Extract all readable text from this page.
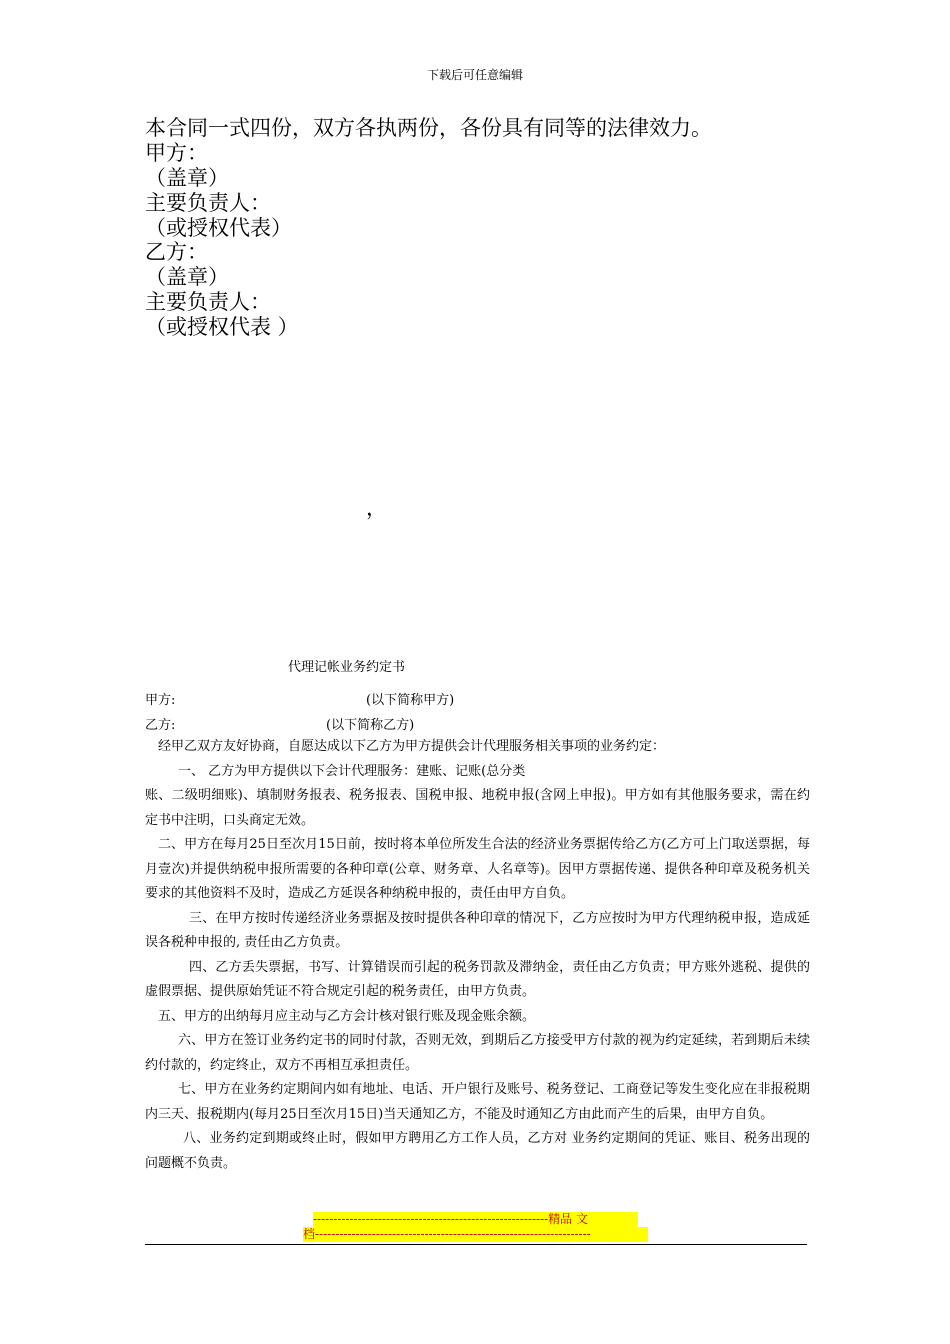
下载后可任意编辑
本合同一式四份，双方各执两份，各份具有同等的法律效力。
甲方：
（盖章）
主要负责人：
（或授权代表）
乙方：
（盖章）
主要负责人：
（或授权代表 ）
，
代理记帐业务约定书
甲方:	(以下简称甲方)
乙方:	(以下简称乙方)

经甲乙双方友好协商，自愿达成以下乙方为甲方提供会计代理服务相关事项的业务约定：

一、 乙方为甲方提供以下会计代理服务：建账、记账(总分类

账、二级明细账)、填制财务报表、税务报表、国税申报、地税申报(含网上申报)。甲方如有其他服务要求，需在约定书中注明，口头商定无效。

二、甲方在每月25日至次月15日前，按时将本单位所发生合法的经济业务票据传给乙方(乙方可上门取送票据，每月壹次)并提供纳税申报所需要的各种印章(公章、财务章、人名章等)。因甲方票据传递、提供各种印章及税务机关要求的其他资料不及时，造成乙方延误各种纳税申报的，责任由甲方自负。

三、在甲方按时传递经济业务票据及按时提供各种印章的情况下，乙方应按时为甲方代理纳税申报，造成延误各税种申报的, 责任由乙方负责。

四、乙方丢失票据，书写、计算错误而引起的税务罚款及滞纳金，责任由乙方负责；甲方账外逃税、提供的虚假票据、提供原始凭证不符合规定引起的税务责任，由甲方负责。

五、甲方的出纳每月应主动与乙方会计核对银行账及现金账余额。

六、甲方在签订业务约定书的同时付款，否则无效，到期后乙方接受甲方付款的视为约定延续，若到期后未续约付款的，约定终止，双方不再相互承担责任。

七、甲方在业务约定期间内如有地址、电话、开户银行及账号、税务登记、工商登记等发生变化应在非报税期内三天、报税期内(每月25日至次月15日)当天通知乙方，不能及时通知乙方由此而产生的后果，由甲方自负。

八、业务约定到期或终止时，假如甲方聘用乙方工作人员，乙方对 业务约定期间的凭证、账目、税务出现的问题概不负责。

----------------------------------------------------------精品 文
档--------------------------------------------------------------------
